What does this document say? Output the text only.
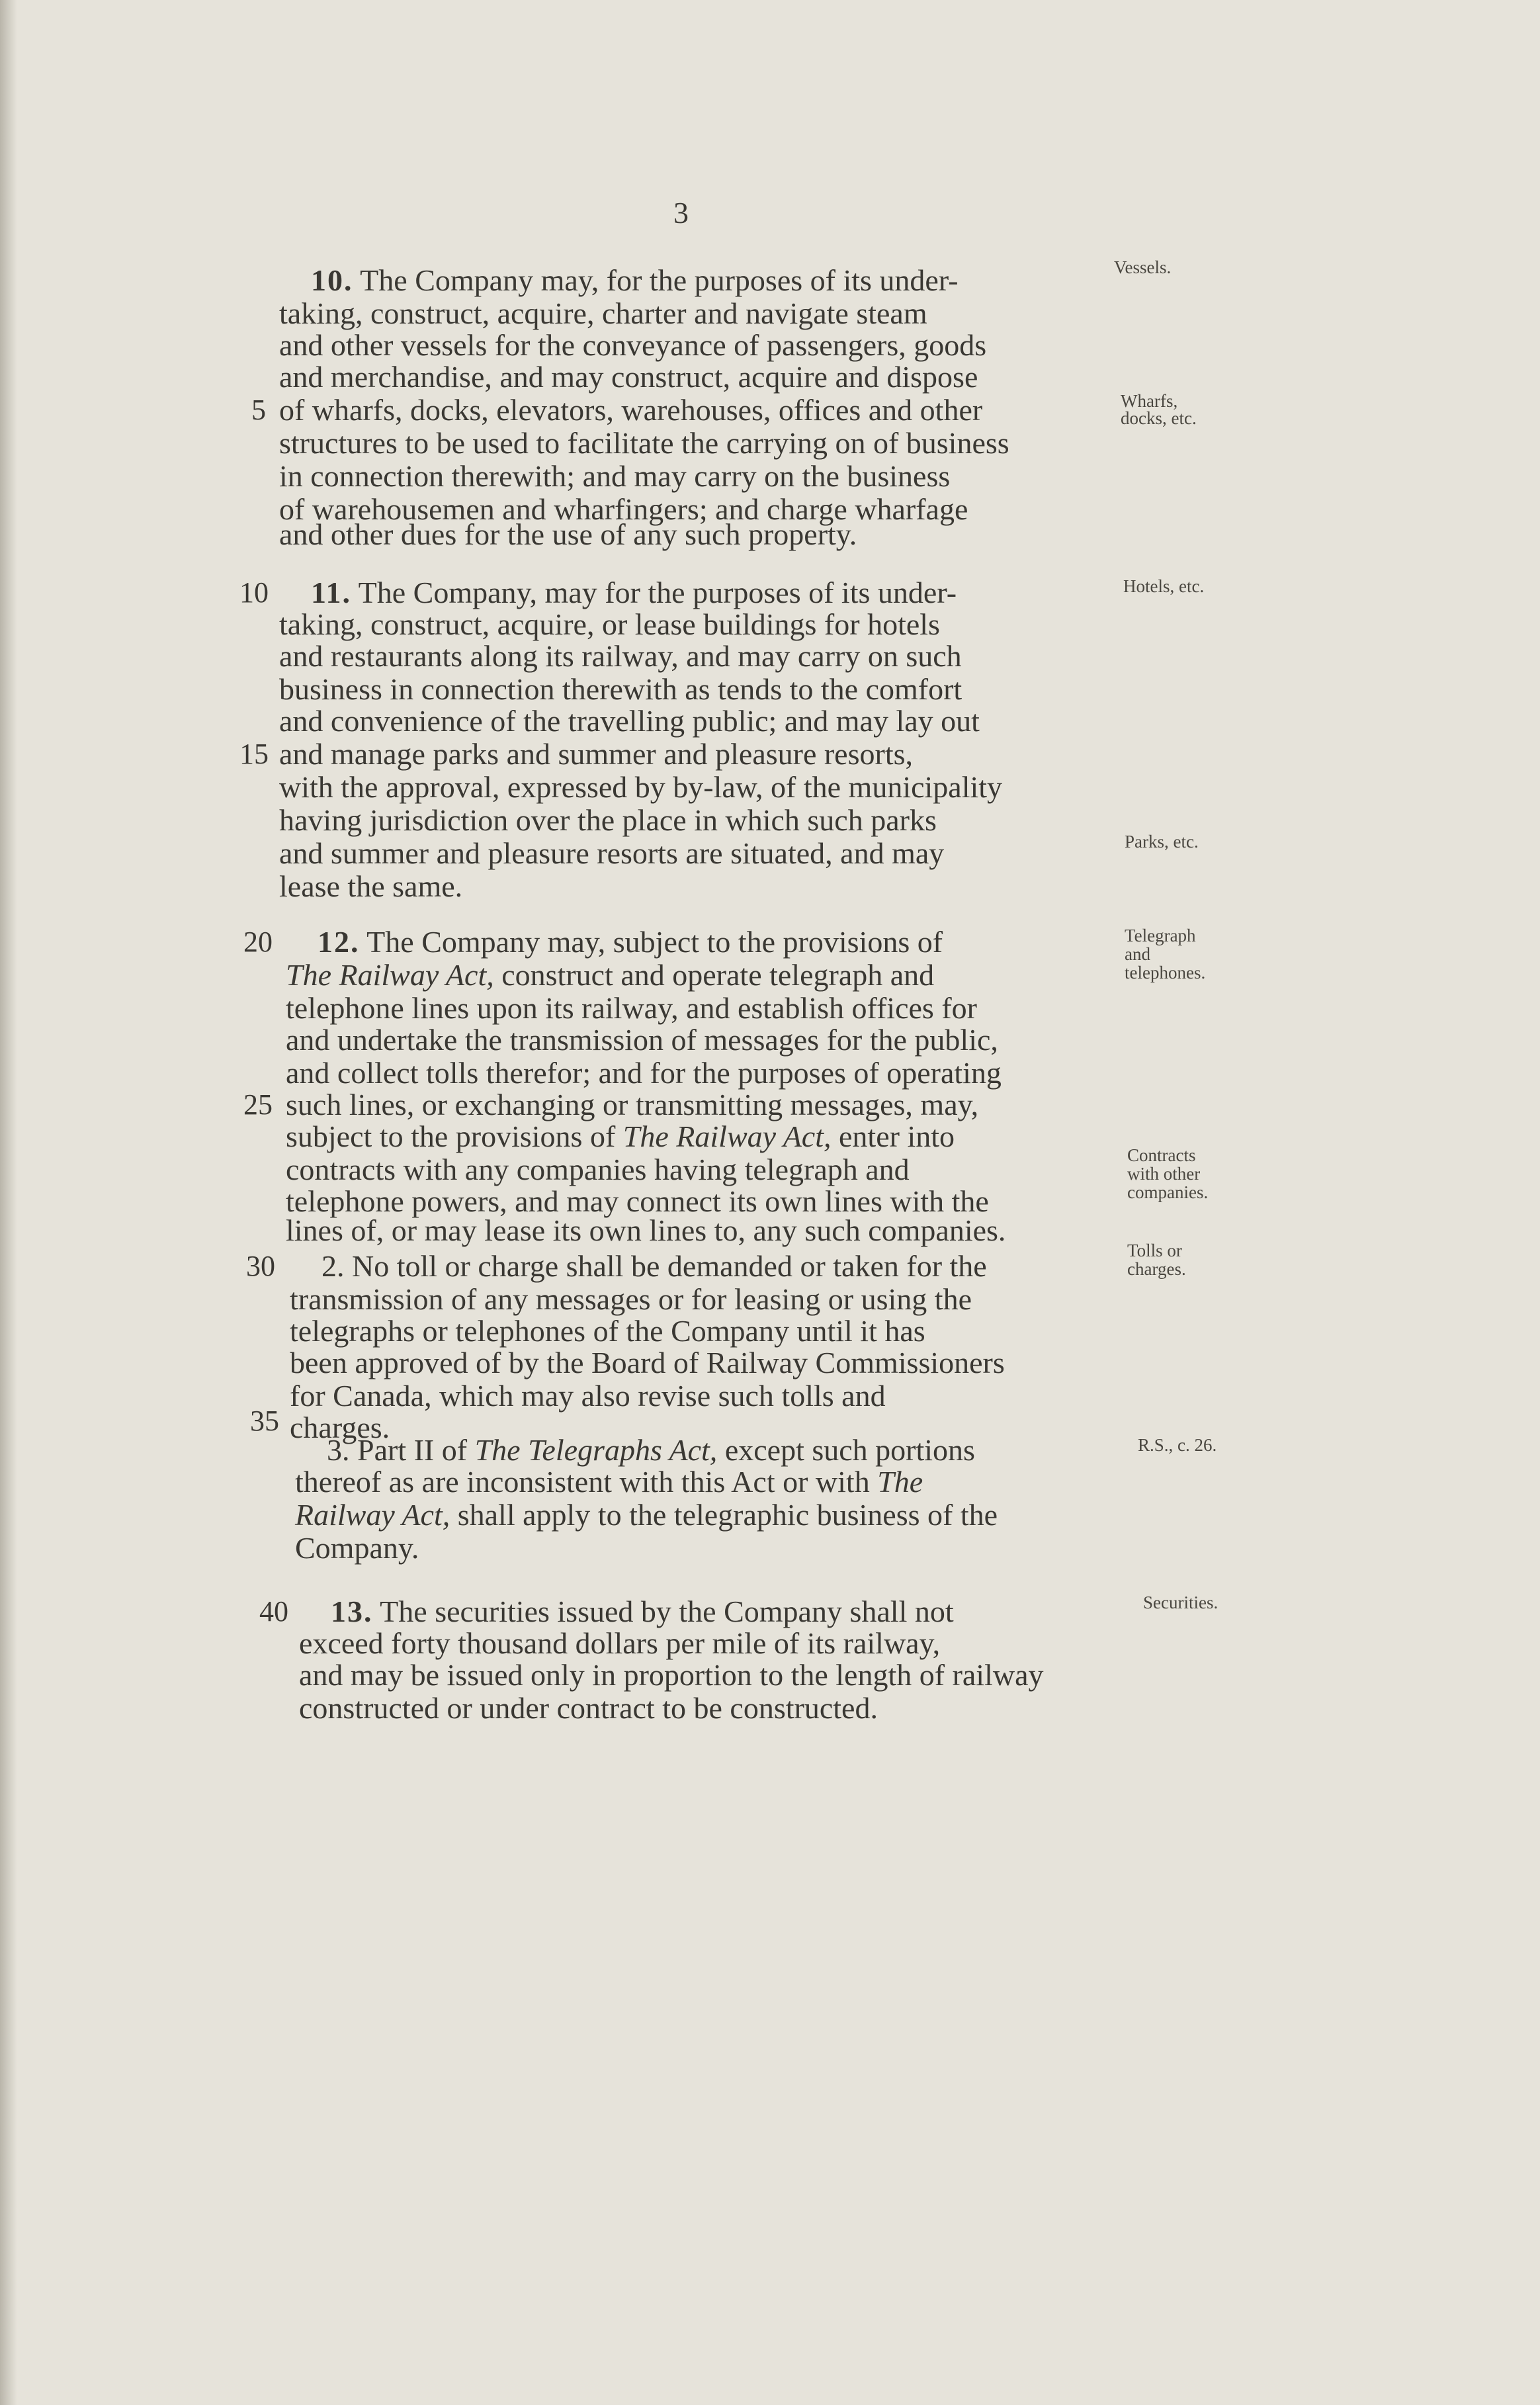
3
10. The Company may, for the purposes of its under-
taking, construct, acquire, charter and navigate steam
and other vessels for the conveyance of passengers, goods
and merchandise, and may construct, acquire and dispose
of wharfs, docks, elevators, warehouses, offices and other
structures to be used to facilitate the carrying on of business
in connection therewith; and may carry on the business
of warehousemen and wharfingers; and charge wharfage
and other dues for the use of any such property.
11. The Company, may for the purposes of its under-
taking, construct, acquire, or lease buildings for hotels
and restaurants along its railway, and may carry on such
business in connection therewith as tends to the comfort
and convenience of the travelling public; and may lay out
and manage parks and summer and pleasure resorts,
with the approval, expressed by by-law, of the municipality
having jurisdiction over the place in which such parks
and summer and pleasure resorts are situated, and may
lease the same.
12. The Company may, subject to the provisions of
The Railway Act, construct and operate telegraph and
telephone lines upon its railway, and establish offices for
and undertake the transmission of messages for the public,
and collect tolls therefor; and for the purposes of operating
such lines, or exchanging or transmitting messages, may,
subject to the provisions of The Railway Act, enter into
contracts with any companies having telegraph and
telephone powers, and may connect its own lines with the
lines of, or may lease its own lines to, any such companies.
2. No toll or charge shall be demanded or taken for the
transmission of any messages or for leasing or using the
telegraphs or telephones of the Company until it has
been approved of by the Board of Railway Commissioners
for Canada, which may also revise such tolls and
charges.
3. Part II of The Telegraphs Act, except such portions
thereof as are inconsistent with this Act or with The
Railway Act, shall apply to the telegraphic business of the
Company.
13. The securities issued by the Company shall not
exceed forty thousand dollars per mile of its railway,
and may be issued only in proportion to the length of railway
constructed or under contract to be constructed.
5
10
15
20
25
30
35
40
Vessels.
Wharfs,
docks, etc.
Hotels, etc.
Parks, etc.
Telegraph
and
telephones.
Contracts
with other
companies.
Tolls or
charges.
R.S., c. 26.
Securities.
